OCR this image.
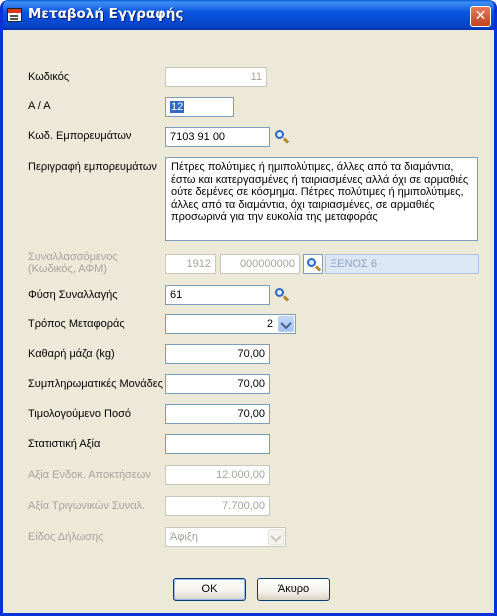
Μεταβολή Εγγραφής	✕
Κωδικός	11
Α / Α	12
Κωδ. Εμπορευμάτων	7103 91 00
Περιγραφή εμπορευμάτων	Πέτρες πολύτιμες ή ημιπολύτιμες, άλλες από τα διαμάντια, έστω και κατεργασμένες ή ταιριασμένες αλλά όχι σε αρμαθιές ούτε δεμένες σε κόσμημα. Πέτρες πολύτιμες ή ημιπολύτιμες, άλλες από τα διαμάντια, όχι ταιριασμένες, σε αρμαθιές προσωρινά για την ευκολία της μεταφοράς
Συναλλασσόμενος
(Κωδικός, ΑΦΜ)	1912	000000000	ΞΕΝΟΣ 6
Φύση Συναλλαγής	61
Τρόπος Μεταφοράς	2
Καθαρή μάζα (kg)	70,00
Συμπληρωματικές Μονάδες	70,00
Τιμολογούμενο Ποσό	70,00
Στατιστική Αξία
Αξία Ενδοκ. Αποκτήσεων	12.000,00
Αξία Τριγωνικών Συναλ.	7.700,00
Είδος Δήλωσης	Άφιξη
OK	Άκυρο
